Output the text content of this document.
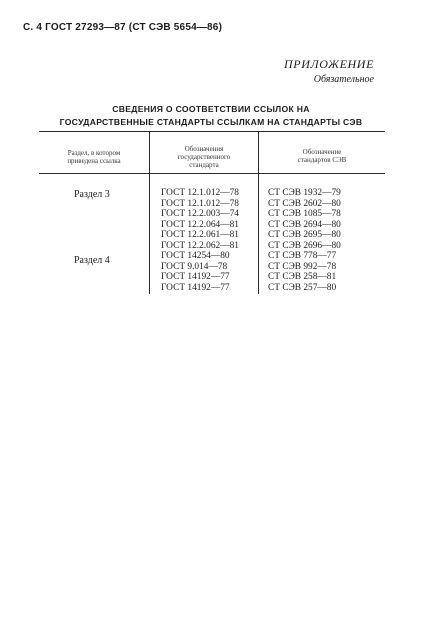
С. 4 ГОСТ 27293—87 (СТ СЭВ 5654—86)
ПРИЛОЖЕНИЕ
Обязательное
СВЕДЕНИЯ О СООТВЕТСТВИИ ССЫЛОК НА
ГОСУДАРСТВЕННЫЕ СТАНДАРТЫ ССЫЛКАМ НА СТАНДАРТЫ СЭВ
Раздел, в котором
приведена ссылка
Обозначения
государственного
стандарта
Обозначение
стандартов СЭВ
Раздел 3
Раздел 4
ГОСТ 12.1.012—78
ГОСТ 12.1.012—78
ГОСТ 12.2.003—74
ГОСТ 12.2.064—81
ГОСТ 12.2.061—81
ГОСТ 12.2.062—81
ГОСТ 14254—80
ГОСТ 9.014—78
ГОСТ 14192—77
ГОСТ 14192—77
СТ СЭВ 1932—79
СТ СЭВ 2602—80
СТ СЭВ 1085—78
СТ СЭВ 2694—80
СТ СЭВ 2695—80
СТ СЭВ 2696—80
СТ СЭВ 778—77
СТ СЭВ 992—78
СТ СЭВ 258—81
СТ СЭВ 257—80
